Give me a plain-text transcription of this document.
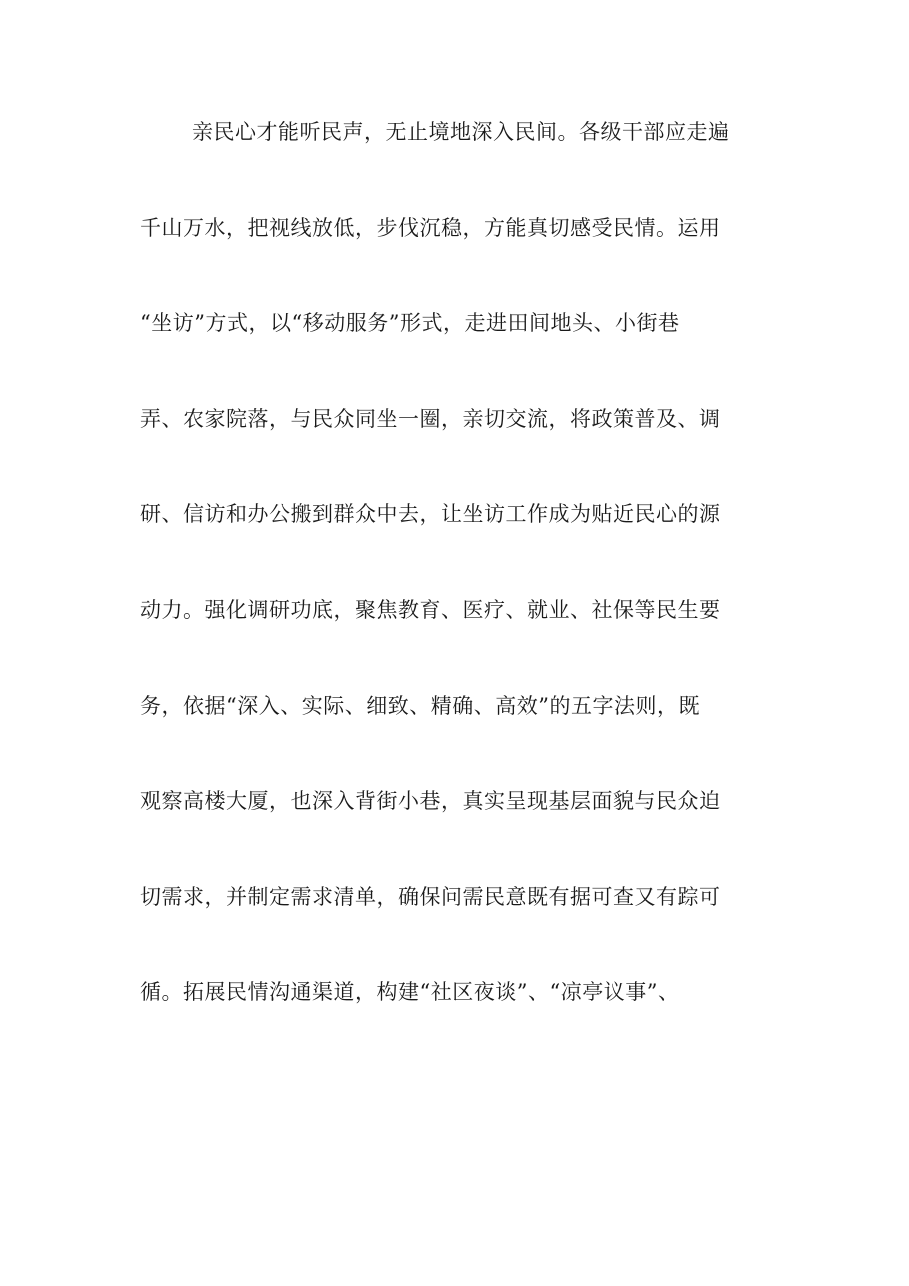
亲民心才能听民声，无止境地深入民间。各级干部应走遍
千山万水，把视线放低，步伐沉稳，方能真切感受民情。运用
“坐访”方式，以“移动服务”形式，走进田间地头、小街巷
弄、农家院落，与民众同坐一圈，亲切交流，将政策普及、调
研、信访和办公搬到群众中去，让坐访工作成为贴近民心的源
动力。强化调研功底，聚焦教育、医疗、就业、社保等民生要
务，依据“深入、实际、细致、精确、高效”的五字法则，既
观察高楼大厦，也深入背街小巷，真实呈现基层面貌与民众迫
切需求，并制定需求清单，确保问需民意既有据可查又有踪可
循。拓展民情沟通渠道，构建“社区夜谈”、“凉亭议事”、
